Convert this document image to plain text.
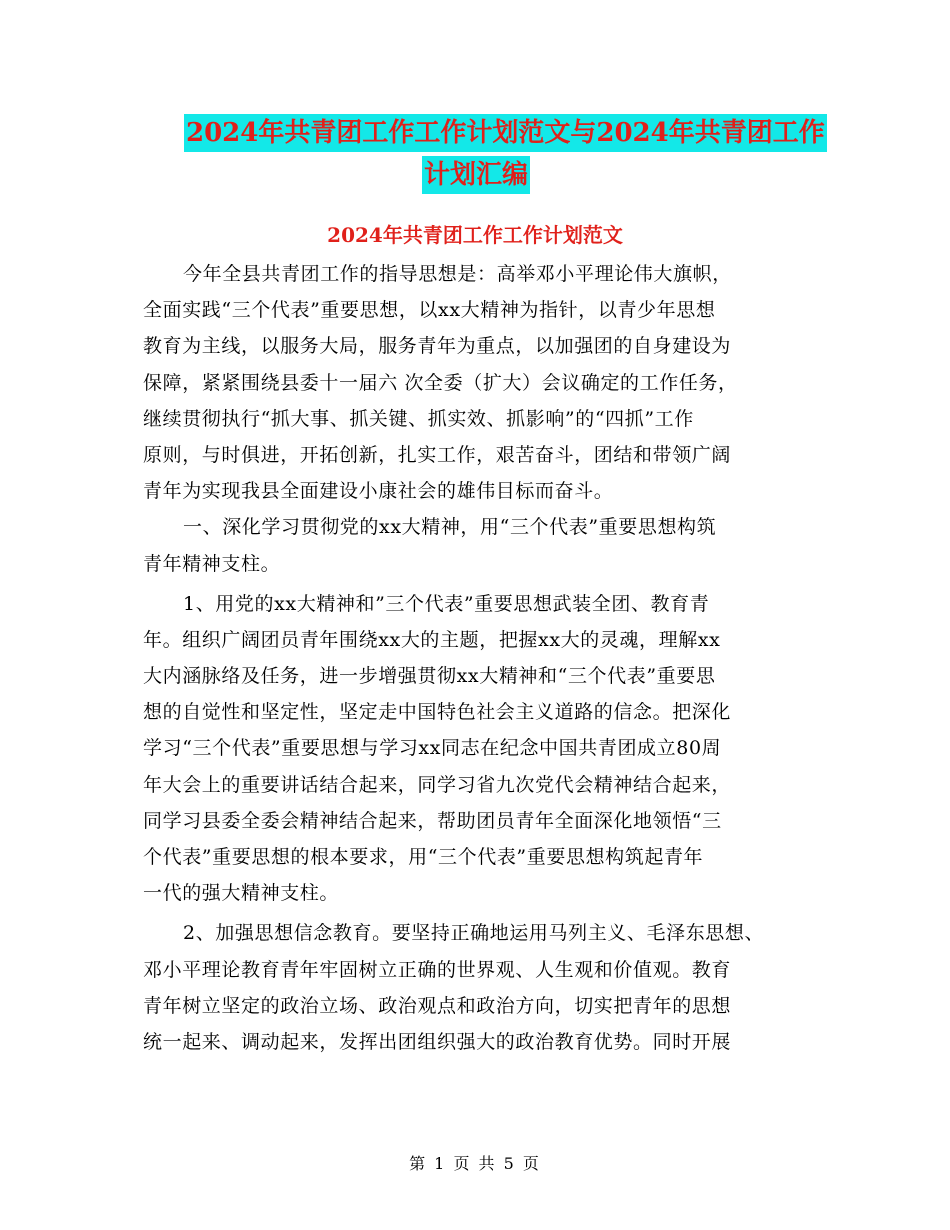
2024年共青团工作工作计划范文与2024年共青团工作
计划汇编
2024年共青团工作工作计划范文
今年全县共青团工作的指导思想是：高举邓小平理论伟大旗帜，
全面实践“三个代表”重要思想，以xx大精神为指针，以青少年思想
教育为主线，以服务大局，服务青年为重点，以加强团的自身建设为
保障，紧紧围绕县委十一届六 次全委（扩大）会议确定的工作任务，
继续贯彻执行“抓大事、抓关键、抓实效、抓影响”的“四抓”工作
原则，与时俱进，开拓创新，扎实工作，艰苦奋斗，团结和带领广阔
青年为实现我县全面建设小康社会的雄伟目标而奋斗。
一、深化学习贯彻党的xx大精神，用“三个代表”重要思想构筑
青年精神支柱。
1、用党的xx大精神和”三个代表”重要思想武装全团、教育青
年。组织广阔团员青年围绕xx大的主题，把握xx大的灵魂，理解xx
大内涵脉络及任务，进一步增强贯彻xx大精神和“三个代表”重要思
想的自觉性和坚定性，坚定走中国特色社会主义道路的信念。把深化
学习“三个代表”重要思想与学习xx同志在纪念中国共青团成立80周
年大会上的重要讲话结合起来，同学习省九次党代会精神结合起来，
同学习县委全委会精神结合起来，帮助团员青年全面深化地领悟“三
个代表”重要思想的根本要求，用“三个代表”重要思想构筑起青年
一代的强大精神支柱。
2、加强思想信念教育。要坚持正确地运用马列主义、毛泽东思想、
邓小平理论教育青年牢固树立正确的世界观、人生观和价值观。教育
青年树立坚定的政治立场、政治观点和政治方向，切实把青年的思想
统一起来、调动起来，发挥出团组织强大的政治教育优势。同时开展
第 1 页 共 5 页
